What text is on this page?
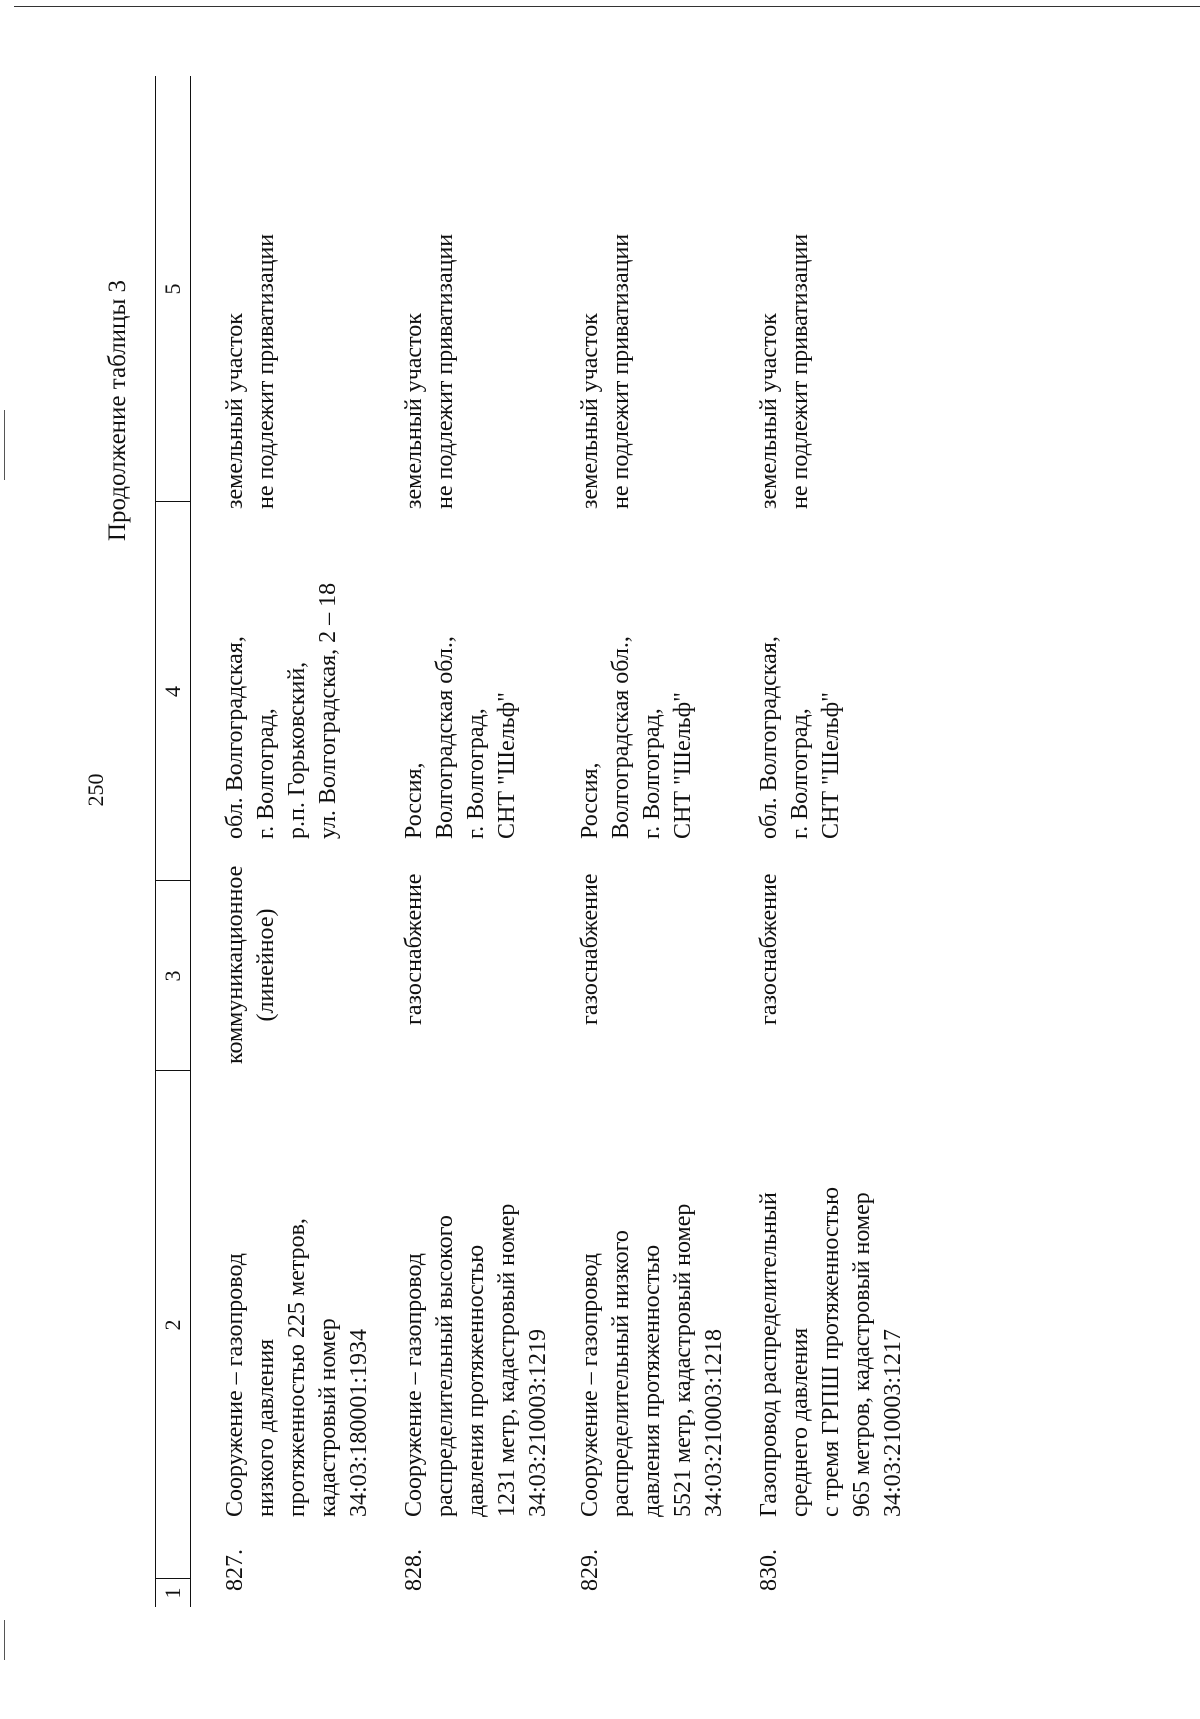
250
Продолжение таблицы 3
1
2
3
4
5
827.
Сооружение – газопровод
низкого давления
протяженностью 225 метров,
кадастровый номер
34:03:180001:1934
коммуникационное
(линейное)
обл. Волгоградская,
г. Волгоград,
р.п. Горьковский,
ул. Волгоградская, 2 – 18
земельный участок
не подлежит приватизации
828.
Сооружение – газопровод
распределительный высокого
давления протяженностью
1231 метр, кадастровый номер
34:03:210003:1219
газоснабжение
Россия,
Волгоградская обл.,
г. Волгоград,
СНТ "Шельф"
земельный участок
не подлежит приватизации
829.
Сооружение – газопровод
распределительный низкого
давления протяженностью
5521 метр, кадастровый номер
34:03:210003:1218
газоснабжение
Россия,
Волгоградская обл.,
г. Волгоград,
СНТ "Шельф"
земельный участок
не подлежит приватизации
830.
Газопровод распределительный
среднего давления
с тремя ГРПШ протяженностью
965 метров, кадастровый номер
34:03:210003:1217
газоснабжение
обл. Волгоградская,
г. Волгоград,
СНТ "Шельф"
земельный участок
не подлежит приватизации
